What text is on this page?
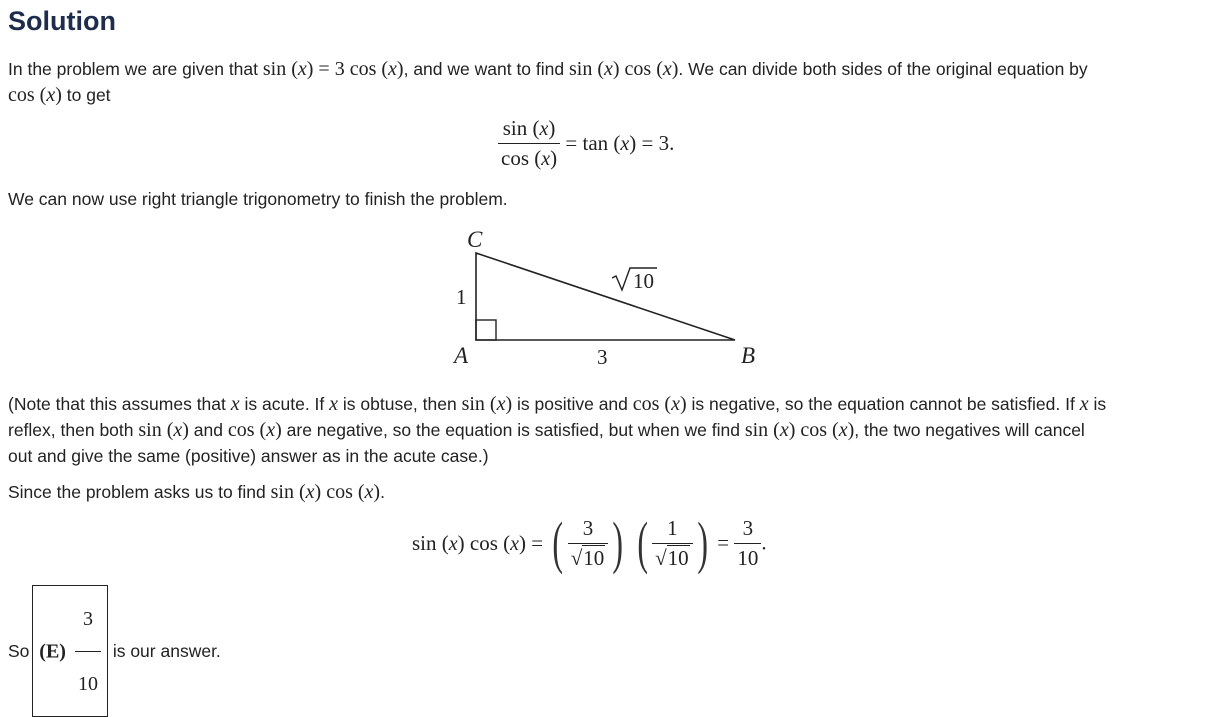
Solution
In the problem we are given that sin (x) = 3 cos (x), and we want to find sin (x) cos (x). We can divide both sides of the original equation by
cos (x) to get
$\frac{\sin (x)}{\cos (x)} = \tan (x) = 3$.
We can now use right triangle trigonometry to finish the problem.
C
A	B
1
3
10
(Note that this assumes that x is acute. If x is obtuse, then sin (x) is positive and cos (x) is negative, so the equation cannot be satisfied. If x is
reflex, then both sin (x) and cos (x) are negative, so the equation is satisfied, but when we find sin (x) cos (x), the two negatives will cancel
out and give the same (positive) answer as in the acute case.)
Since the problem asks us to find sin (x) cos (x).
sin (x) cos (x) = ( $\frac{3}{√10}$ ) ( $\frac{1}{√10}$ ) = $\frac{3}{10}$ .
So $(E) \frac{3}{10}$ is our answer.
